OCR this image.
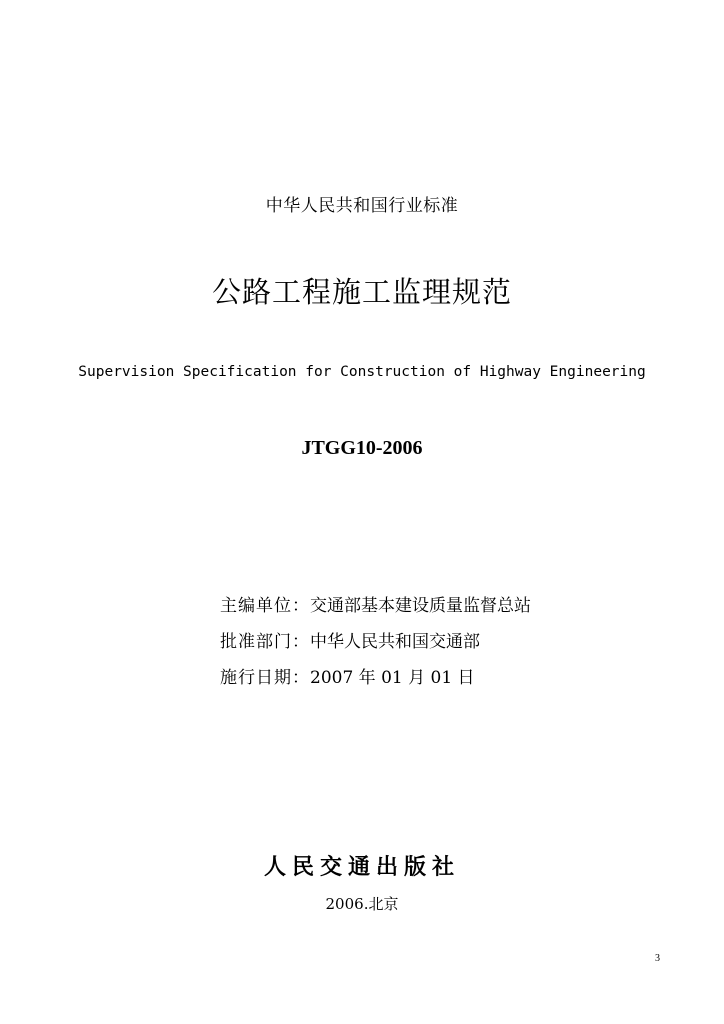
中华人民共和国行业标准
公路工程施工监理规范
Supervision Specification for Construction of Highway Engineering
JTGG10-2006
主编单位：交通部基本建设质量监督总站
批准部门：中华人民共和国交通部
施行日期：2007 年 01 月 01 日
人民交通出版社
2006.北京
3
